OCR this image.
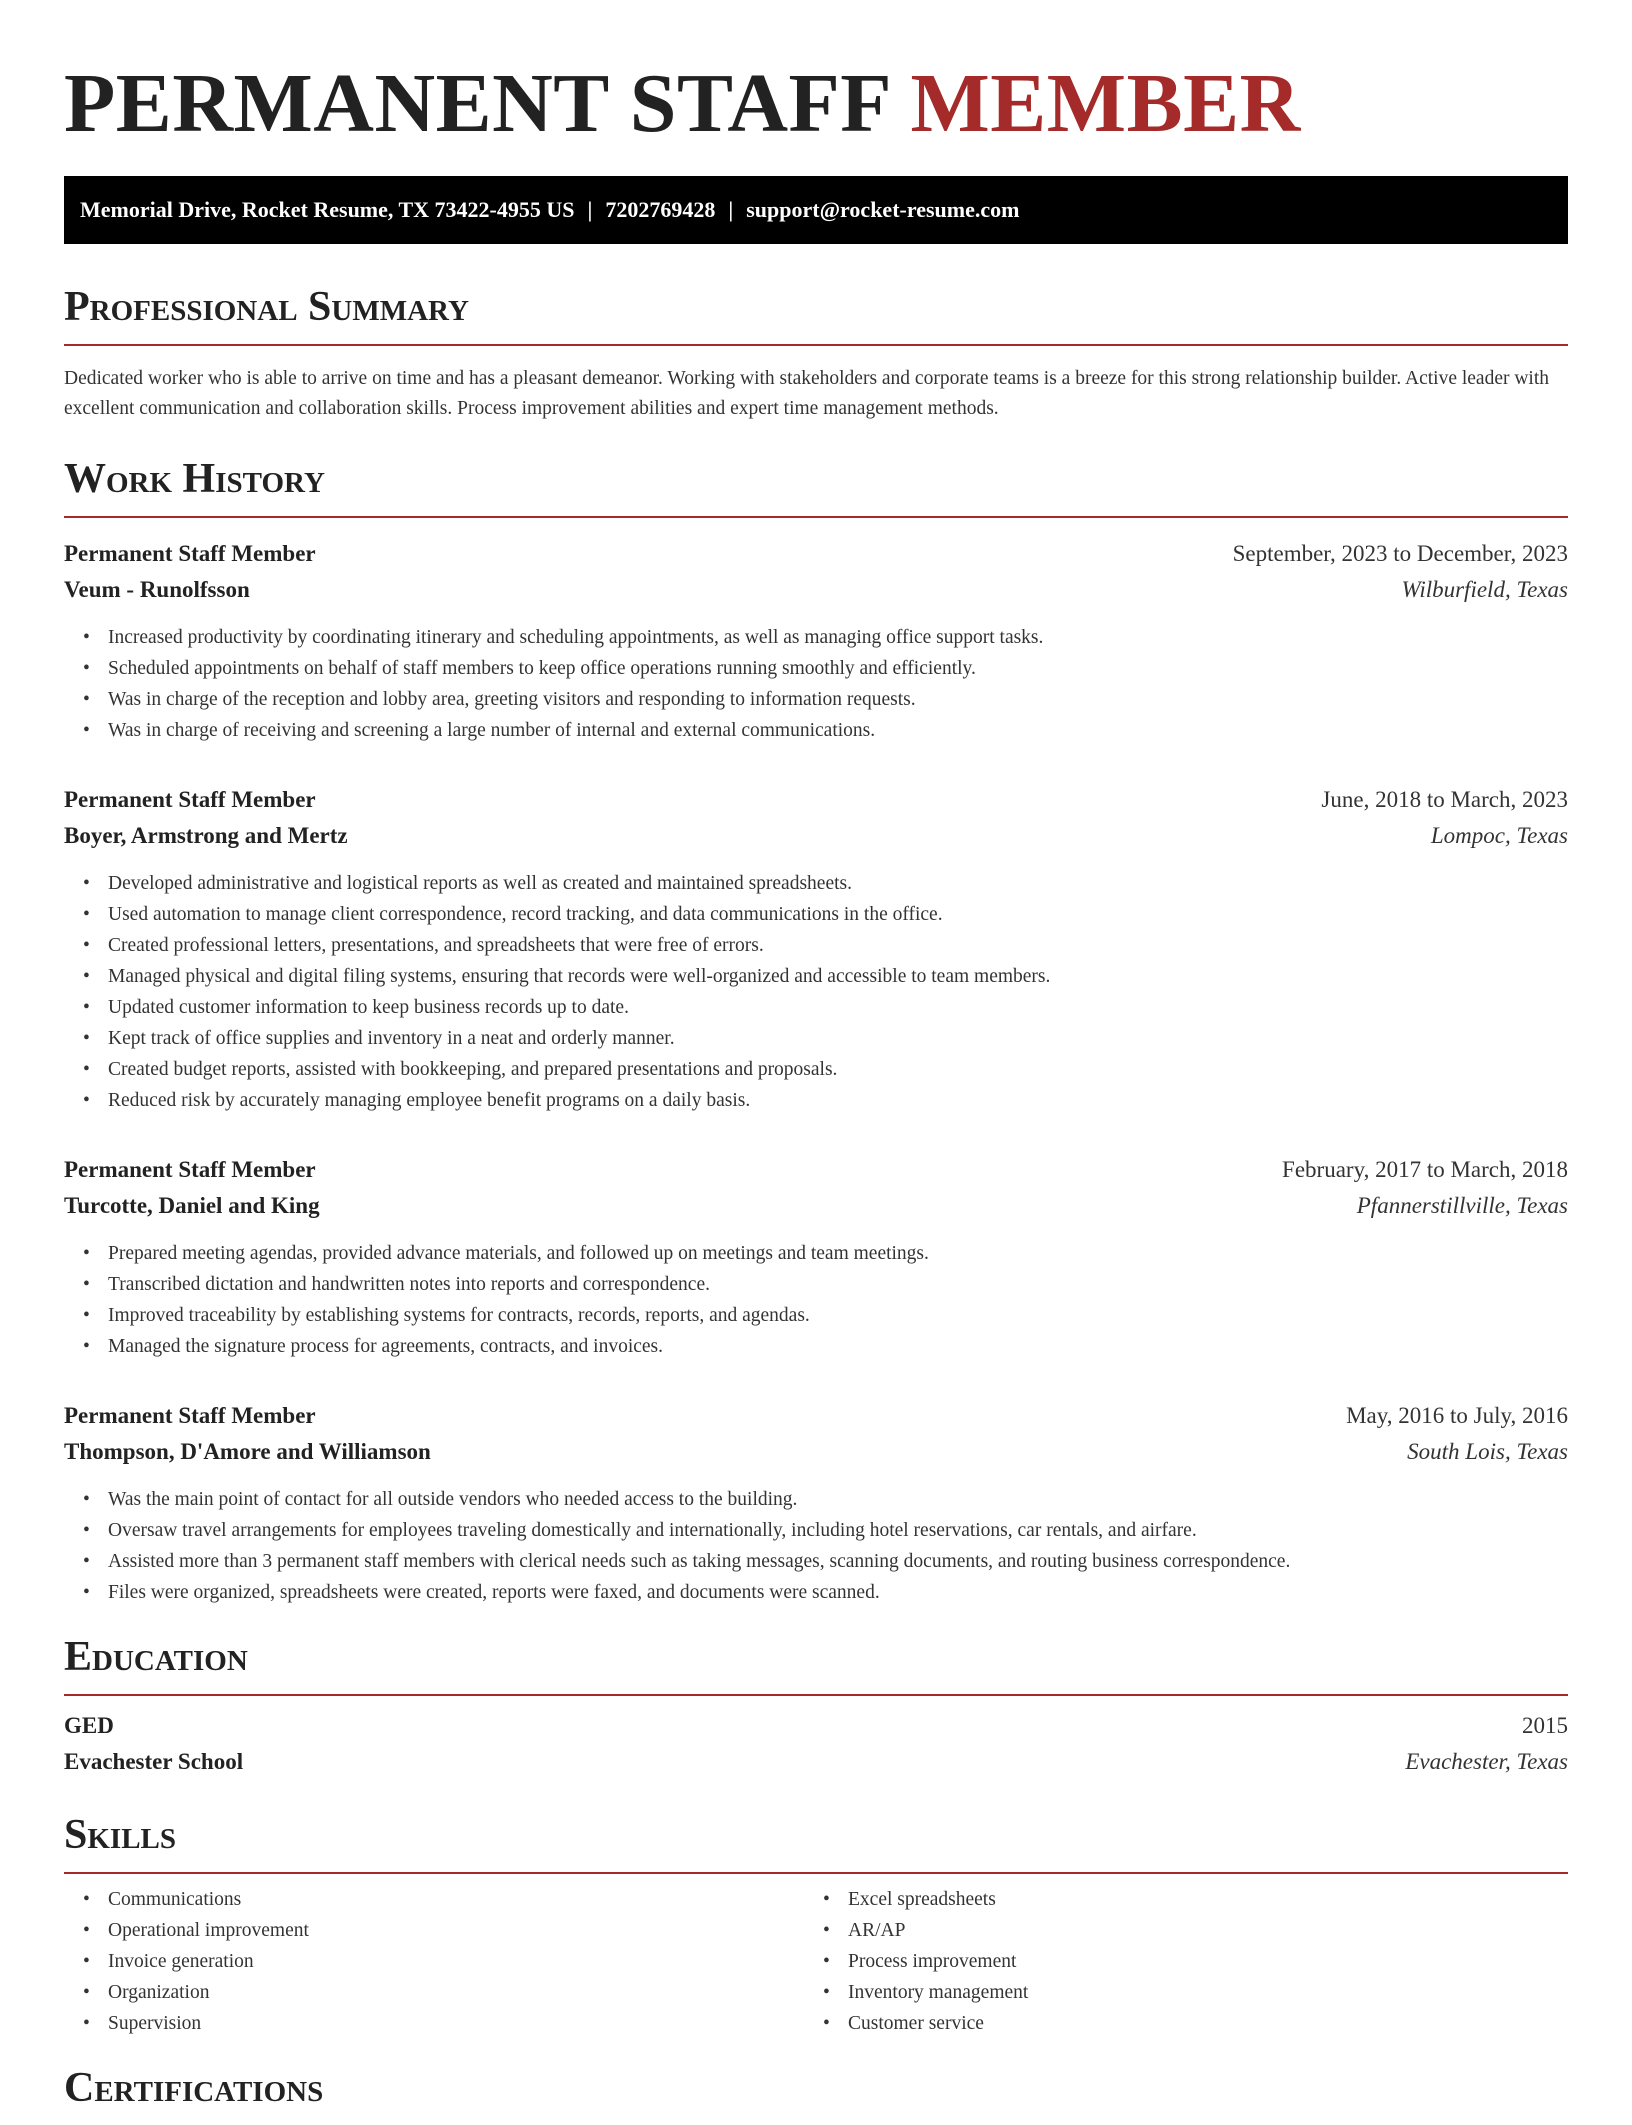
PERMANENT STAFF MEMBER
Memorial Drive, Rocket Resume, TX 73422-4955 US | 7202769428 | support@rocket-resume.com
Professional Summary

Dedicated worker who is able to arrive on time and has a pleasant demeanor. Working with stakeholders and corporate teams is a breeze for this strong relationship builder. Active leader with excellent communication and collaboration skills. Process improvement abilities and expert time management methods.

Work History
Permanent Staff Member	September, 2023 to December, 2023
Veum - Runolfsson	Wilburfield, Texas
• Increased productivity by coordinating itinerary and scheduling appointments, as well as managing office support tasks.
• Scheduled appointments on behalf of staff members to keep office operations running smoothly and efficiently.
• Was in charge of the reception and lobby area, greeting visitors and responding to information requests.
• Was in charge of receiving and screening a large number of internal and external communications.
Permanent Staff Member	June, 2018 to March, 2023
Boyer, Armstrong and Mertz	Lompoc, Texas
• Developed administrative and logistical reports as well as created and maintained spreadsheets.
• Used automation to manage client correspondence, record tracking, and data communications in the office.
• Created professional letters, presentations, and spreadsheets that were free of errors.
• Managed physical and digital filing systems, ensuring that records were well-organized and accessible to team members.
• Updated customer information to keep business records up to date.
• Kept track of office supplies and inventory in a neat and orderly manner.
• Created budget reports, assisted with bookkeeping, and prepared presentations and proposals.
• Reduced risk by accurately managing employee benefit programs on a daily basis.
Permanent Staff Member	February, 2017 to March, 2018
Turcotte, Daniel and King	Pfannerstillville, Texas
• Prepared meeting agendas, provided advance materials, and followed up on meetings and team meetings.
• Transcribed dictation and handwritten notes into reports and correspondence.
• Improved traceability by establishing systems for contracts, records, reports, and agendas.
• Managed the signature process for agreements, contracts, and invoices.
Permanent Staff Member	May, 2016 to July, 2016
Thompson, D'Amore and Williamson	South Lois, Texas
• Was the main point of contact for all outside vendors who needed access to the building.
• Oversaw travel arrangements for employees traveling domestically and internationally, including hotel reservations, car rentals, and airfare.
• Assisted more than 3 permanent staff members with clerical needs such as taking messages, scanning documents, and routing business correspondence.
• Files were organized, spreadsheets were created, reports were faxed, and documents were scanned.
Education
GED	2015
Evachester School	Evachester, Texas
Skills
• Communications
• Operational improvement
• Invoice generation
• Organization
• Supervision
• Excel spreadsheets
• AR/AP
• Process improvement
• Inventory management
• Customer service
Certifications
